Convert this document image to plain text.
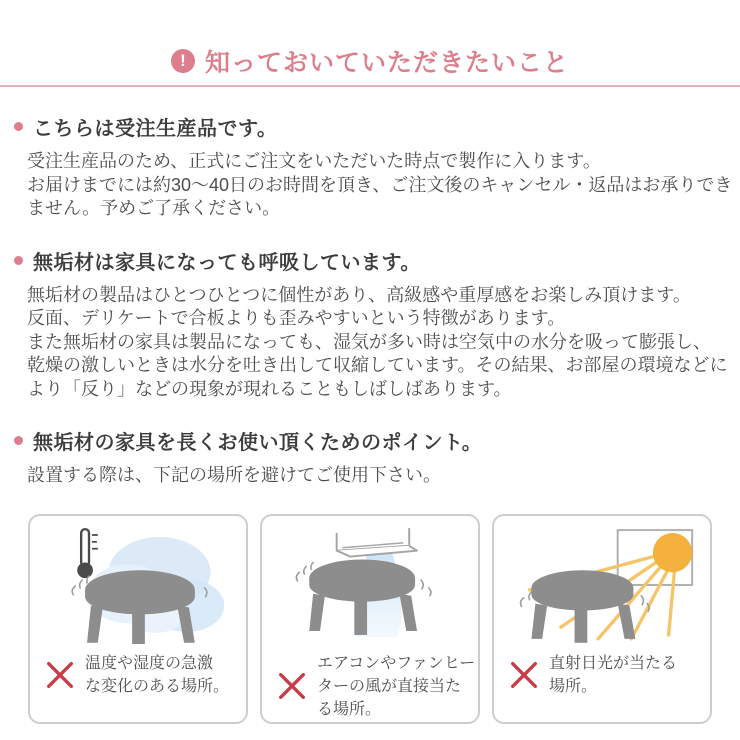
! 知っておいていただきたいこと
こちらは受注生産品です。
受注生産品のため、正式にご注文をいただいた時点で製作に入ります。
お届けまでには約30～40日のお時間を頂き、ご注文後のキャンセル・返品はお承りでき
ません。予めご了承ください。
無垢材は家具になっても呼吸しています。
無垢材の製品はひとつひとつに個性があり、高級感や重厚感をお楽しみ頂けます。
反面、デリケートで合板よりも歪みやすいという特徴があります。
また無垢材の家具は製品になっても、湿気が多い時は空気中の水分を吸って膨張し、
乾燥の激しいときは水分を吐き出して収縮しています。その結果、お部屋の環境などに
より「反り」などの現象が現れることもしばしばあります。
無垢材の家具を長くお使い頂くためのポイント。
設置する際は、下記の場所を避けてご使用下さい。
温度や湿度の急激
な変化のある場所。
エアコンやファンヒー
ターの風が直接当た
る場所。
直射日光が当たる
場所。
